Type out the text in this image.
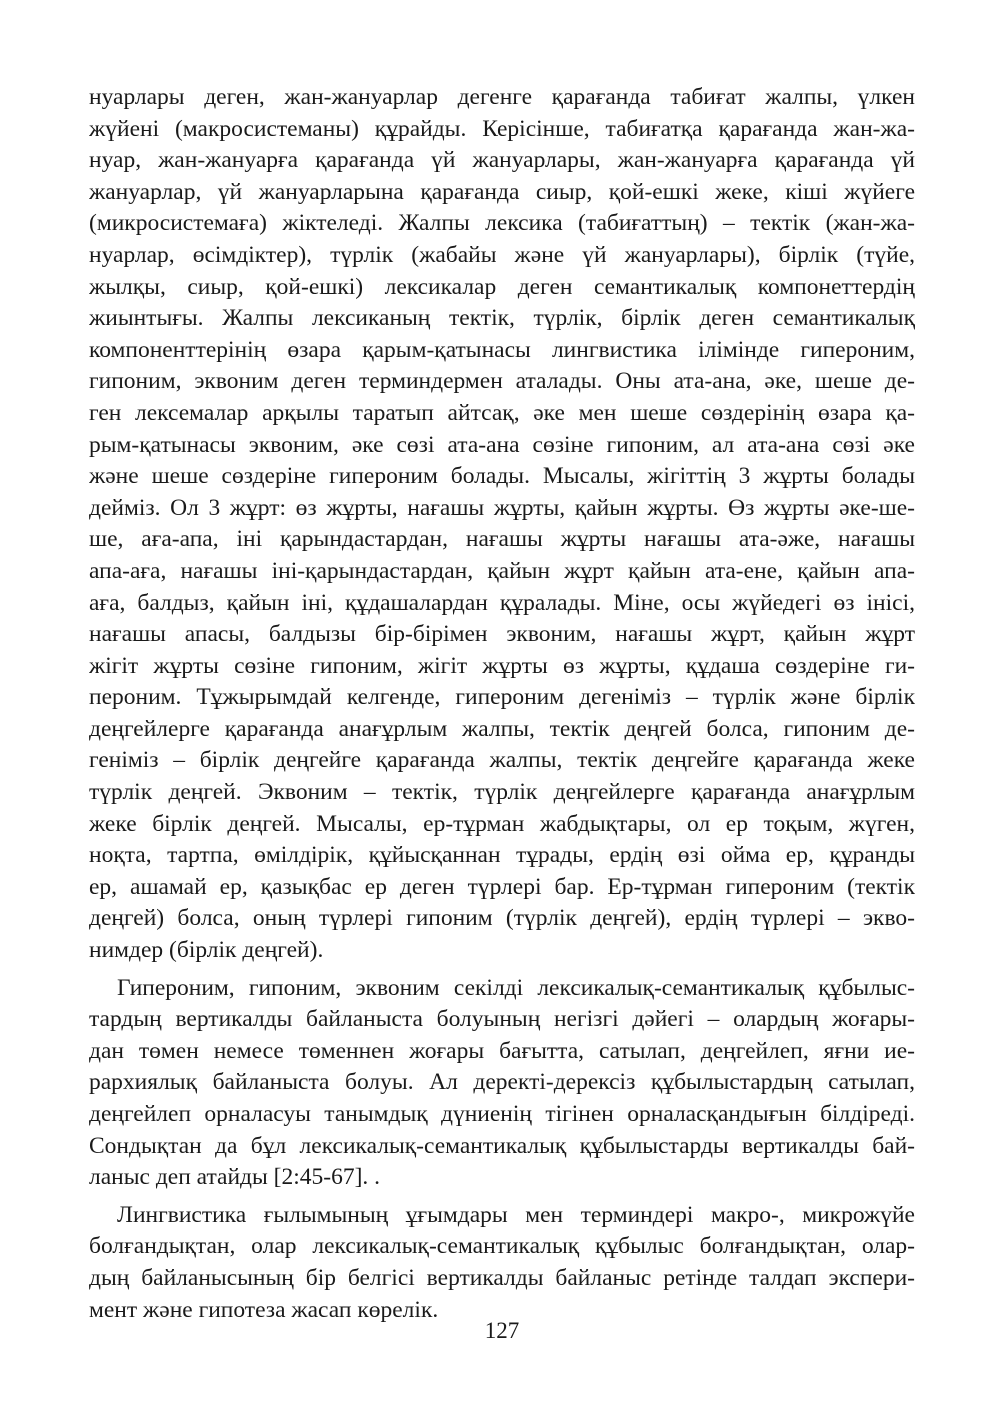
нуарлары деген, жан-жануарлар дегенге қарағанда табиғат жалпы, үлкен
жүйені (макросистеманы) құрайды. Керісінше, табиғатқа қарағанда жан-жа-
нуар, жан-жануарға қарағанда үй жануарлары, жан-жануарға қарағанда үй
жануарлар, үй жануарларына қарағанда сиыр, қой-ешкі жеке, кіші жүйеге
(микросистемаға) жіктеледі. Жалпы лексика (табиғаттың) – тектік (жан-жа-
нуарлар, өсімдіктер), түрлік (жабайы және үй жануарлары), бірлік (түйе,
жылқы, сиыр, қой-ешкі) лексикалар деген семантикалық компонеттердің
жиынтығы. Жалпы лексиканың тектік, түрлік, бірлік деген семантикалық
компоненттерінің өзара қарым-қатынасы лингвистика ілімінде гипероним,
гипоним, эквоним деген терминдермен аталады. Оны ата-ана, әке, шеше де-
ген лексемалар арқылы таратып айтсақ, әке мен шеше сөздерінің өзара қа-
рым-қатынасы эквоним, әке сөзі ата-ана сөзіне гипоним, ал ата-ана сөзі әке
және шеше сөздеріне гипероним болады. Мысалы, жігіттің 3 жұрты болады
дейміз. Ол 3 жұрт: өз жұрты, нағашы жұрты, қайын жұрты. Өз жұрты әке-ше-
ше, аға-апа, іні қарындастардан, нағашы жұрты нағашы ата-әже, нағашы
апа-аға, нағашы іні-қарындастардан, қайын жұрт қайын ата-ене, қайын апа-
аға, балдыз, қайын іні, құдашалардан құралады. Міне, осы жүйедегі өз інісі,
нағашы апасы, балдызы бір-бірімен эквоним, нағашы жұрт, қайын жұрт
жігіт жұрты сөзіне гипоним, жігіт жұрты өз жұрты, құдаша сөздеріне ги-
пероним. Тұжырымдай келгенде, гипероним дегеніміз – түрлік және бірлік
деңгейлерге қарағанда анағұрлым жалпы, тектік деңгей болса, гипоним де-
геніміз – бірлік деңгейге қарағанда жалпы, тектік деңгейге қарағанда жеке
түрлік деңгей. Эквоним – тектік, түрлік деңгейлерге қарағанда анағұрлым
жеке бірлік деңгей. Мысалы, ер-тұрман жабдықтары, ол ер тоқым, жүген,
ноқта, тартпа, өмілдірік, құйысқаннан тұрады, ердің өзі ойма ер, құранды
ер, ашамай ер, қазықбас ер деген түрлері бар. Ер-тұрман гипероним (тектік
деңгей) болса, оның түрлері гипоним (түрлік деңгей), ердің түрлері – экво-
нимдер (бірлік деңгей).
Гипероним, гипоним, эквоним секілді лексикалық-семантикалық құбылыс-
тардың вертикалды байланыста болуының негізгі дәйегі – олардың жоғары-
дан төмен немесе төменнен жоғары бағытта, сатылап, деңгейлеп, яғни ие-
рархиялық байланыста болуы. Ал деректі-дерексіз құбылыстардың сатылап,
деңгейлеп орналасуы танымдық дүниенің тігінен орналасқандығын білдіреді.
Сондықтан да бұл лексикалық-семантикалық құбылыстарды вертикалды бай-
ланыс деп атайды [2:45-67]. .
Лингвистика ғылымының ұғымдары мен терминдері макро-, микрожүйе
болғандықтан, олар лексикалық-семантикалық құбылыс болғандықтан, олар-
дың байланысының бір белгісі вертикалды байланыс ретінде талдап экспери-
мент және гипотеза жасап көрелік.
127
